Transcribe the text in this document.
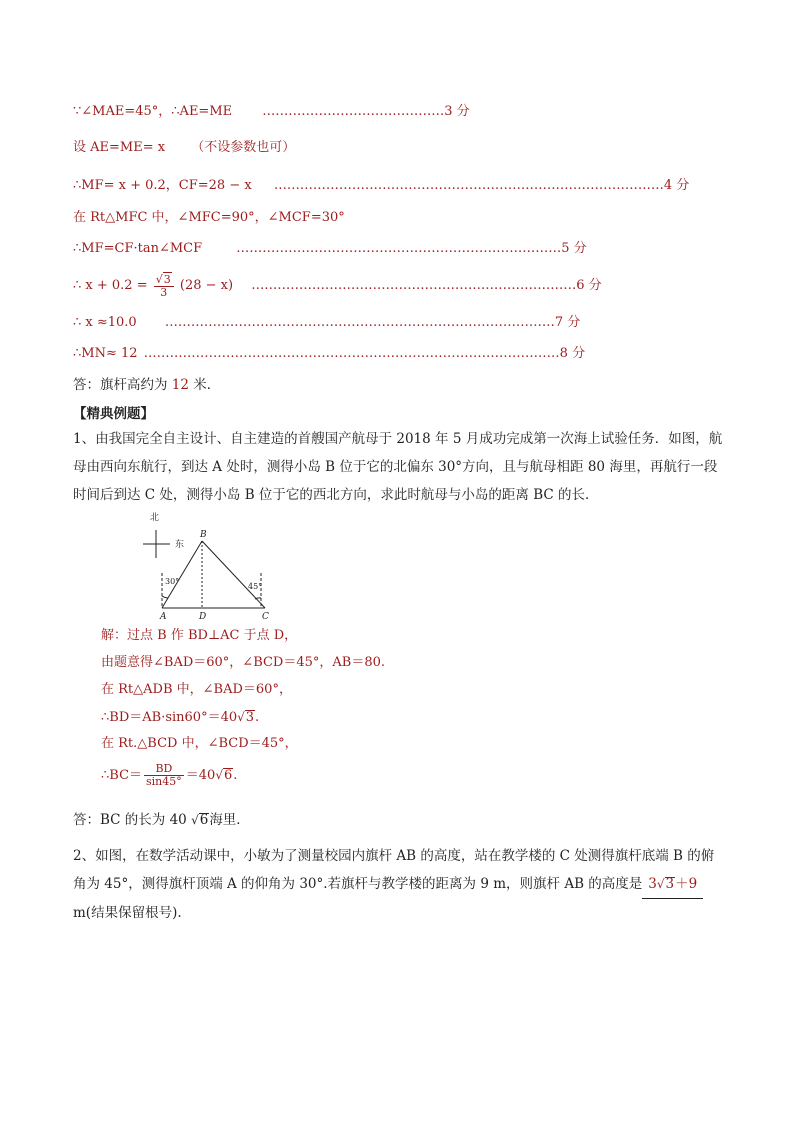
∵∠MAE=45°，∴AE=ME ……………………………………3 分
设 AE=ME= x （不设参数也可）
∴MF= x + 0.2，CF=28 − x ………………………………………………………………………………4 分
在 Rt△MFC 中，∠MFC=90°，∠MCF=30°
∴MF=CF·tan∠MCF	…………………………………………………………………5 分
∴ $x + 0.2 = \frac{√3}{3} (28 - x)$ …………………………………………………………………6 分
∴ x ≈10.0 ………………………………………………………………………………7 分
∴MN≈ 12 ……………………………………………………………………………………8 分
答：旗杆高约为 12 米．
【精典例题】
1、由我国完全自主设计、自主建造的首艘国产航母于 2018 年 5 月成功完成第一次海上试验任务．如图，航母由西向东航行，到达 A 处时，测得小岛 B 位于它的北偏东 30°方向，且与航母相距 80 海里，再航行一段时间后到达 C 处，测得小岛 B 位于它的西北方向，求此时航母与小岛的距离 BC 的长．
北
东
B
A	D	C
30°
45°
解：过点 B 作 BD⊥AC 于点 D，
由题意得∠BAD＝60°，∠BCD＝45°，AB＝80.
在 Rt△ADB 中，∠BAD＝60°，
∴BD＝AB·sin60°＝40√3.
在 Rt.△BCD 中，∠BCD＝45°，
∴BC＝ $\frac{BD}{\sin 45^\circ} =40√6$.
答：BC 的长为 40 √6海里．
2、如图，在数学活动课中，小敏为了测量校园内旗杆 AB 的高度，站在教学楼的 C 处测得旗杆底端 B 的俯角为 45°，测得旗杆顶端 A 的仰角为 30°.若旗杆与教学楼的距离为 9 m，则旗杆 AB 的高度是 3√3＋9m(结果保留根号).
